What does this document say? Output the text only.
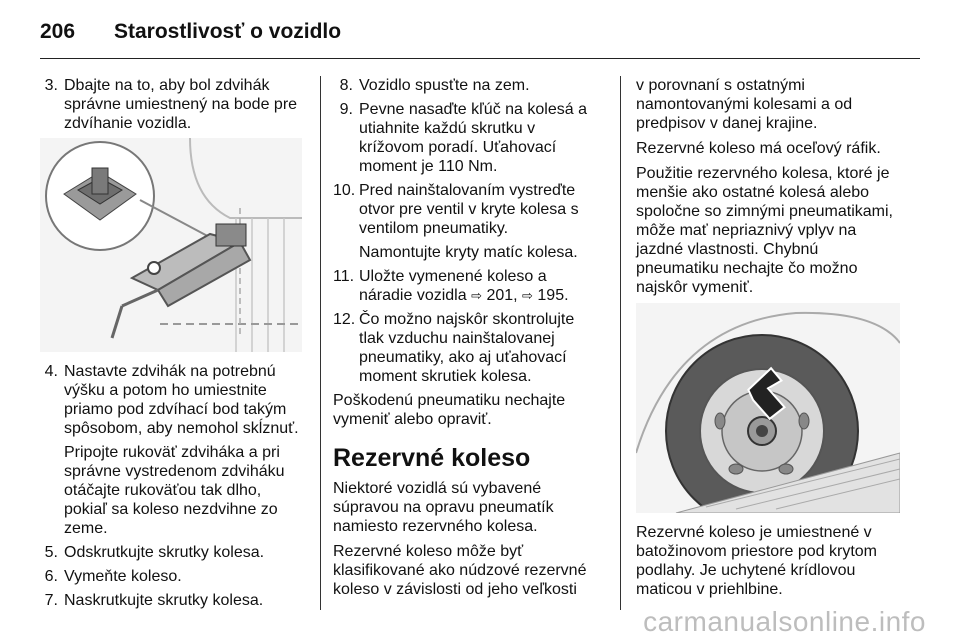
206	Starostlivosť o vozidlo
3. Dbajte na to, aby bol zdvihák správne umiestnený na bode pre zdvíhanie vozidla.
4. Nastavte zdvihák na potrebnú výšku a potom ho umiestnite priamo pod zdvíhací bod takým spôsobom, aby nemohol skĺznuť.
Pripojte rukoväť zdviháka a pri správne vystredenom zdviháku otáčajte rukoväťou tak dlho, pokiaľ sa koleso nezdvihne zo zeme.
5. Odskrutkujte skrutky kolesa.
6. Vymeňte koleso.
7. Naskrutkujte skrutky kolesa.
8. Vozidlo spusťte na zem.
9. Pevne nasaďte kľúč na kolesá a utiahnite každú skrutku v krížovom poradí. Uťahovací moment je 110 Nm.
10. Pred nainštalovaním vystreďte otvor pre ventil v kryte kolesa s ventilom pneumatiky.
Namontujte kryty matíc kolesa.
11. Uložte vymenené koleso a náradie vozidla ⇨ 201, ⇨ 195.
12. Čo možno najskôr skontrolujte tlak vzduchu nainštalovanej pneumatiky, ako aj uťahovací moment skrutiek kolesa.
Poškodenú pneumatiku nechajte vymeniť alebo opraviť.
Rezervné koleso
Niektoré vozidlá sú vybavené súpravou na opravu pneumatík namiesto rezervného kolesa.
Rezervné koleso môže byť klasifikované ako núdzové rezervné koleso v závislosti od jeho veľkosti
v porovnaní s ostatnými namontovanými kolesami a od predpisov v danej krajine.
Rezervné koleso má oceľový ráfik.
Použitie rezervného kolesa, ktoré je menšie ako ostatné kolesá alebo spoločne so zimnými pneumatikami, môže mať nepriaznivý vplyv na jazdné vlastnosti. Chybnú pneumatiku nechajte čo možno najskôr vymeniť.
Rezervné koleso je umiestnené v batožinovom priestore pod krytom podlahy. Je uchytené krídlovou maticou v priehlbine.
carmanualsonline.info
